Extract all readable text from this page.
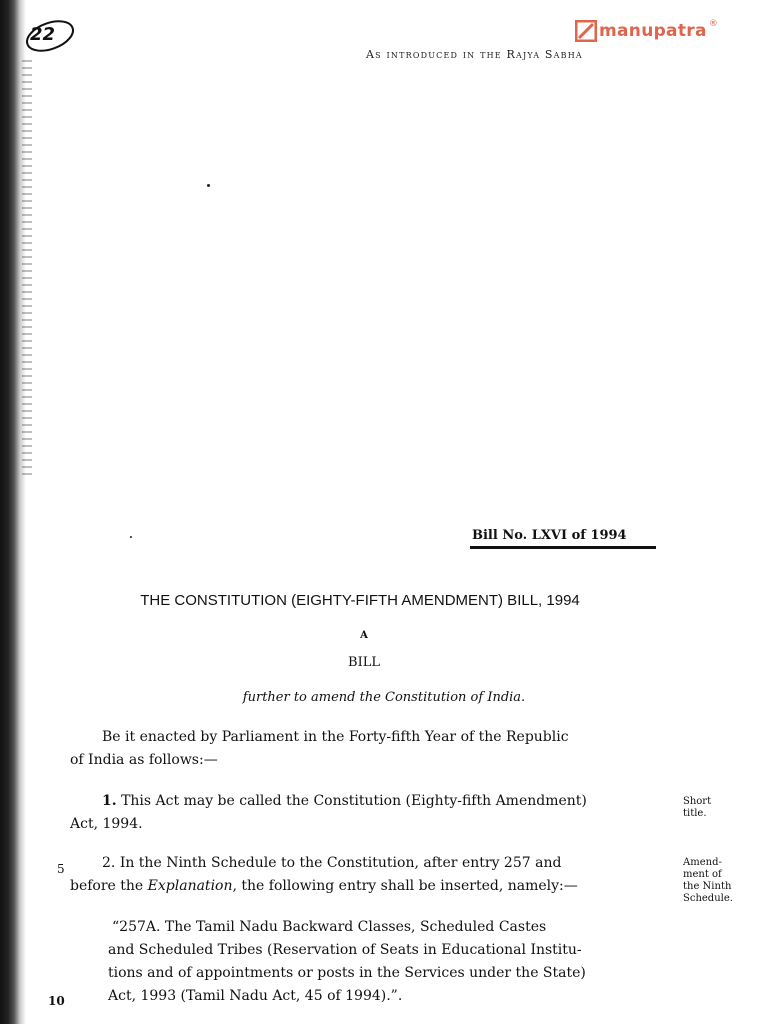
22	manupatra ®
As introduced in the Rajya Sabha
Bill No. LXVI of 1994
THE CONSTITUTION (EIGHTY-FIFTH AMENDMENT) BILL, 1994
A
BILL
further to amend the Constitution of India.
Be it enacted by Parliament in the Forty-fifth Year of the Republic
of India as follows:—
1. This Act may be called the Constitution (Eighty-fifth Amendment)
Act, 1994.
2. In the Ninth Schedule to the Constitution, after entry 257 and
before the Explanation, the following entry shall be inserted, namely:—
“257A. The Tamil Nadu Backward Classes, Scheduled Castes
and Scheduled Tribes (Reservation of Seats in Educational Institu-
tions and of appointments or posts in the Services under the State)
Act, 1993 (Tamil Nadu Act, 45 of 1994).”.
Short
title.
Amend-
ment of
the Ninth
Schedule.
5
10
